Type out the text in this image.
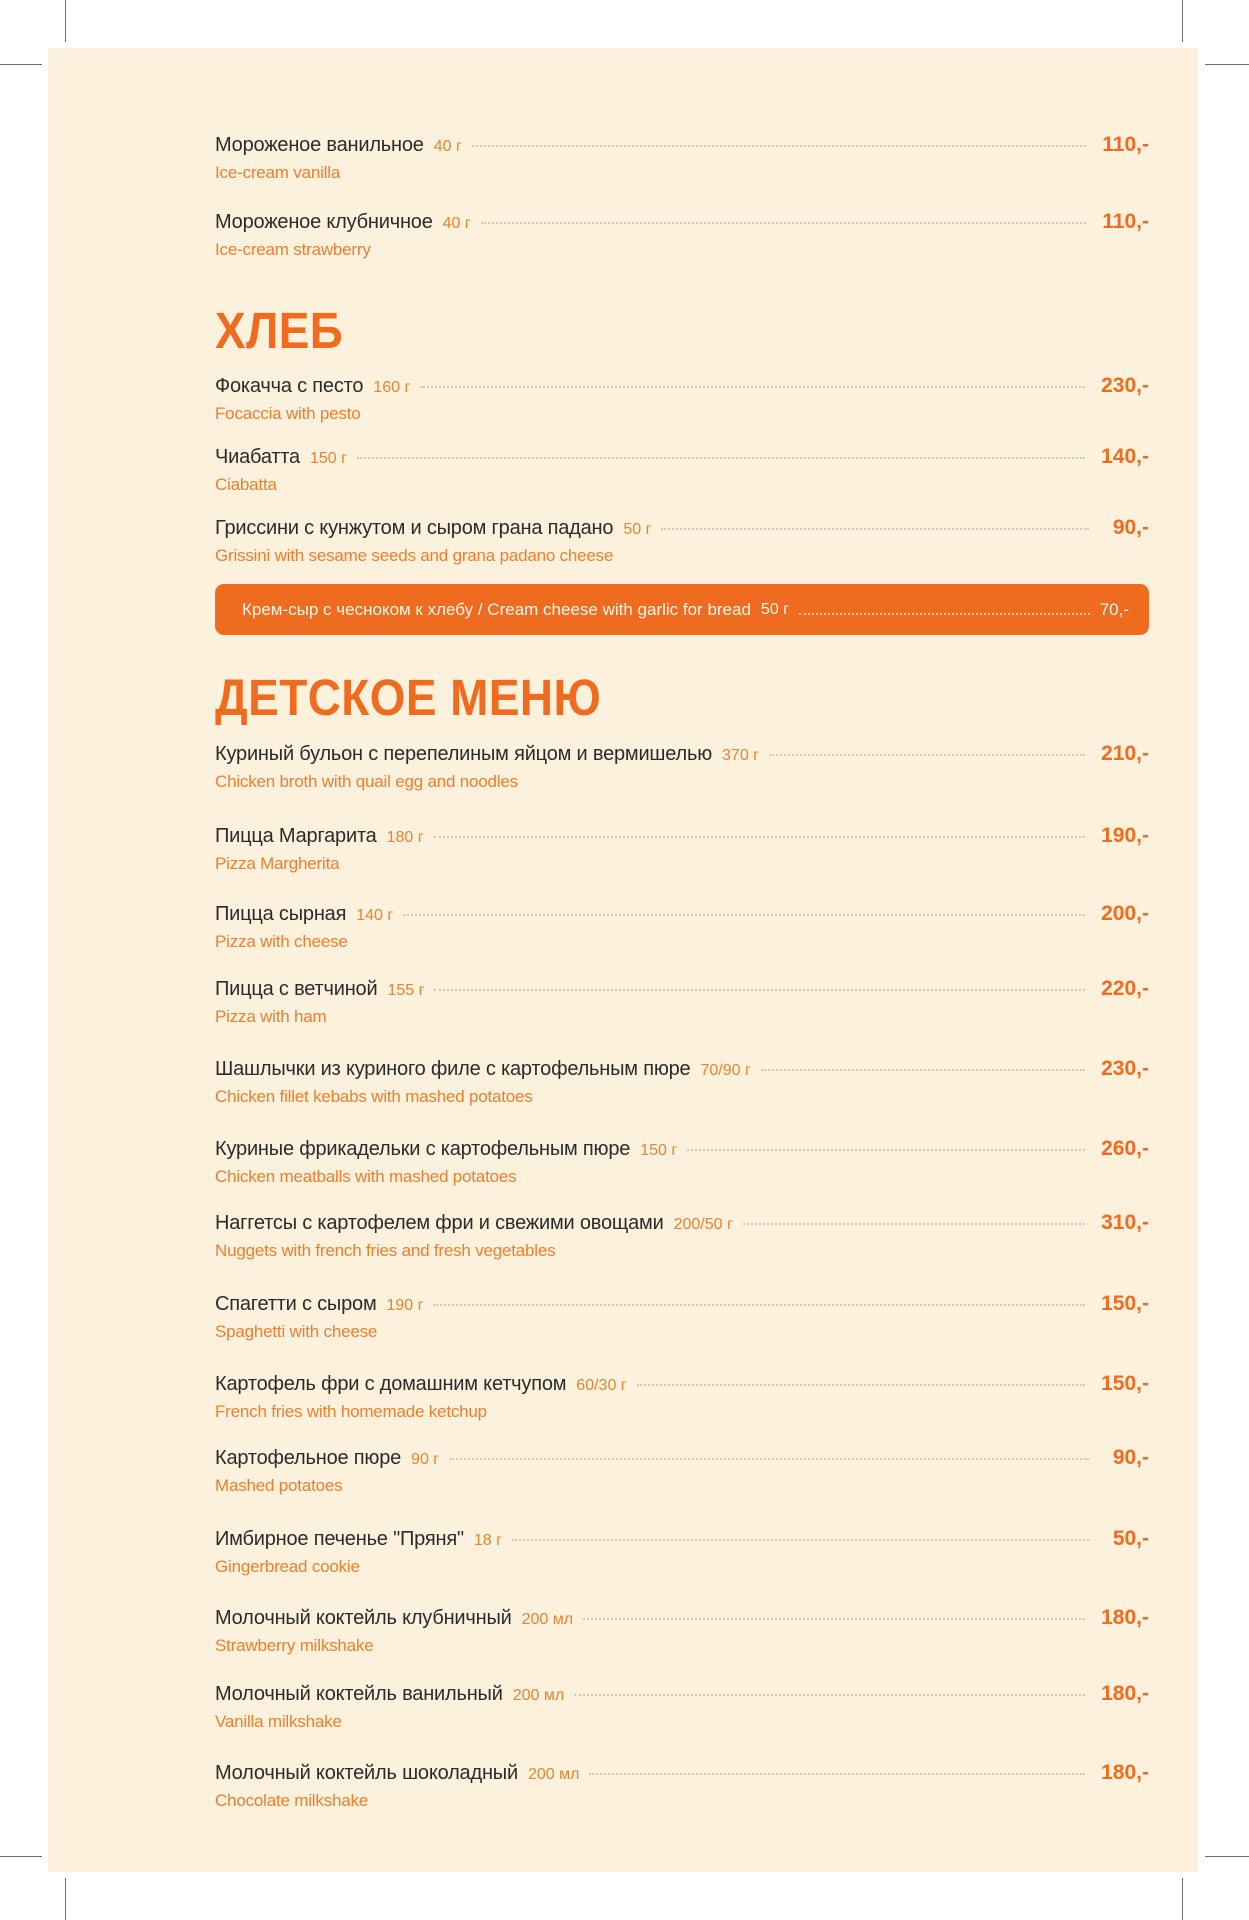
Мороженое ванильное 40 г	110,-
Ice-cream vanilla
Мороженое клубничное 40 г	110,-
Ice-cream strawberry
ХЛЕБ
Фокачча с песто 160 г	230,-
Focaccia with pesto
Чиабатта 150 г	140,-
Ciabatta
Гриссини с кунжутом и сыром грана падано 50 г	90,-
Grissini with sesame seeds and grana padano cheese
Крем-сыр с чесноком к хлебу / Cream cheese with garlic for bread 50 г	70,-
ДЕТСКОЕ МЕНЮ
Куриный бульон с перепелиным яйцом и вермишелью 370 г	210,-
Chicken broth with quail egg and noodles
Пицца Маргарита 180 г	190,-
Pizza Margherita
Пицца сырная 140 г	200,-
Pizza with cheese
Пицца с ветчиной 155 г	220,-
Pizza with ham
Шашлычки из куриного филе с картофельным пюре 70/90 г	230,-
Chicken fillet kebabs with mashed potatoes
Куриные фрикадельки с картофельным пюре 150 г	260,-
Chicken meatballs with mashed potatoes
Наггетсы с картофелем фри и свежими овощами 200/50 г	310,-
Nuggets with french fries and fresh vegetables
Спагетти с сыром 190 г	150,-
Spaghetti with cheese
Картофель фри с домашним кетчупом 60/30 г	150,-
French fries with homemade ketchup
Картофельное пюре 90 г	90,-
Mashed potatoes
Имбирное печенье "Пряня" 18 г	50,-
Gingerbread cookie
Молочный коктейль клубничный 200 мл	180,-
Strawberry milkshake
Молочный коктейль ванильный 200 мл	180,-
Vanilla milkshake
Молочный коктейль шоколадный 200 мл	180,-
Chocolate milkshake
